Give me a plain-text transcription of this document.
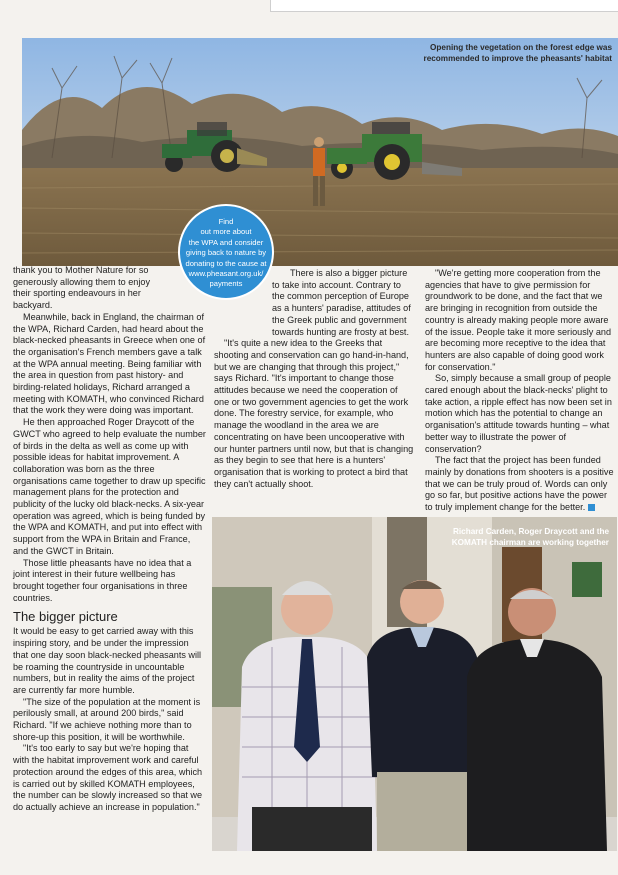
Opening the vegetation on the forest edge was recommended to improve the pheasants' habitat
Find
out more about
the WPA and consider
giving back to nature by
donating to the cause at
www.pheasant.org.uk/
payments

thank you to Mother Nature for so generously allowing them to enjoy their sporting endeavours in her backyard.

Meanwhile, back in England, the chairman of the WPA, Richard Carden, had heard about the black-necked pheasants in Greece when one of the organisation's French members gave a talk at the WPA annual meeting. Being familiar with the area in question from past history- and birding-related holidays, Richard arranged a meeting with KOMATH, who convinced Richard that the work they were doing was important.

He then approached Roger Draycott of the GWCT who agreed to help evaluate the number of birds in the delta as well as come up with possible ideas for habitat improvement. A collaboration was born as the three organisations came together to draw up specific management plans for the protection and publicity of the lucky old black-necks. A six-year operation was agreed, which is being funded by the WPA and KOMATH, and put into effect with support from the WPA in Britain and France, and the GWCT in Britain.

Those little pheasants have no idea that a joint interest in their future wellbeing has brought together four organisations in three countries.

The bigger picture

It would be easy to get carried away with this inspiring story, and be under the impression that one day soon black-necked pheasants will be roaming the countryside in uncountable numbers, but in reality the aims of the project are currently far more humble.

"The size of the population at the moment is perilously small, at around 200 birds," said Richard. "If we achieve nothing more than to shore-up this position, it will be worthwhile.

"It's too early to say but we're hoping that with the habitat improvement work and careful protection around the edges of this area, which is carried out by skilled KOMATH employees, the number can be slowly increased so that we do actually achieve an increase in population."

There is also a bigger picture to take into account. Contrary to the common perception of Europe as a hunters' paradise, attitudes of the Greek public and government towards hunting are frosty at best.

"It's quite a new idea to the Greeks that shooting and conservation can go hand-in-hand, but we are changing that through this project," says Richard. "It's important to change those attitudes because we need the cooperation of one or two government agencies to get the work done. The forestry service, for example, who manage the woodland in the area we are concentrating on have been uncooperative with our hunter partners until now, but that is changing as they begin to see that here is a hunters' organisation that is working to protect a bird that they can't actually shoot.

"We're getting more cooperation from the agencies that have to give permission for groundwork to be done, and the fact that we are bringing in recognition from outside the country is already making people more aware of the issue. People take it more seriously and are becoming more receptive to the idea that hunters are also capable of doing good work for conservation."

So, simply because a small group of people cared enough about the black-necks' plight to take action, a ripple effect has now been set in motion which has the potential to change an organisation's attitude towards hunting – what better way to illustrate the power of conservation?

The fact that the project has been funded mainly by donations from shooters is a positive that we can be truly proud of. Words can only go so far, but positive actions have the power to truly implement change for the better.

Richard Carden, Roger Draycott and the KOMATH chairman are working together
